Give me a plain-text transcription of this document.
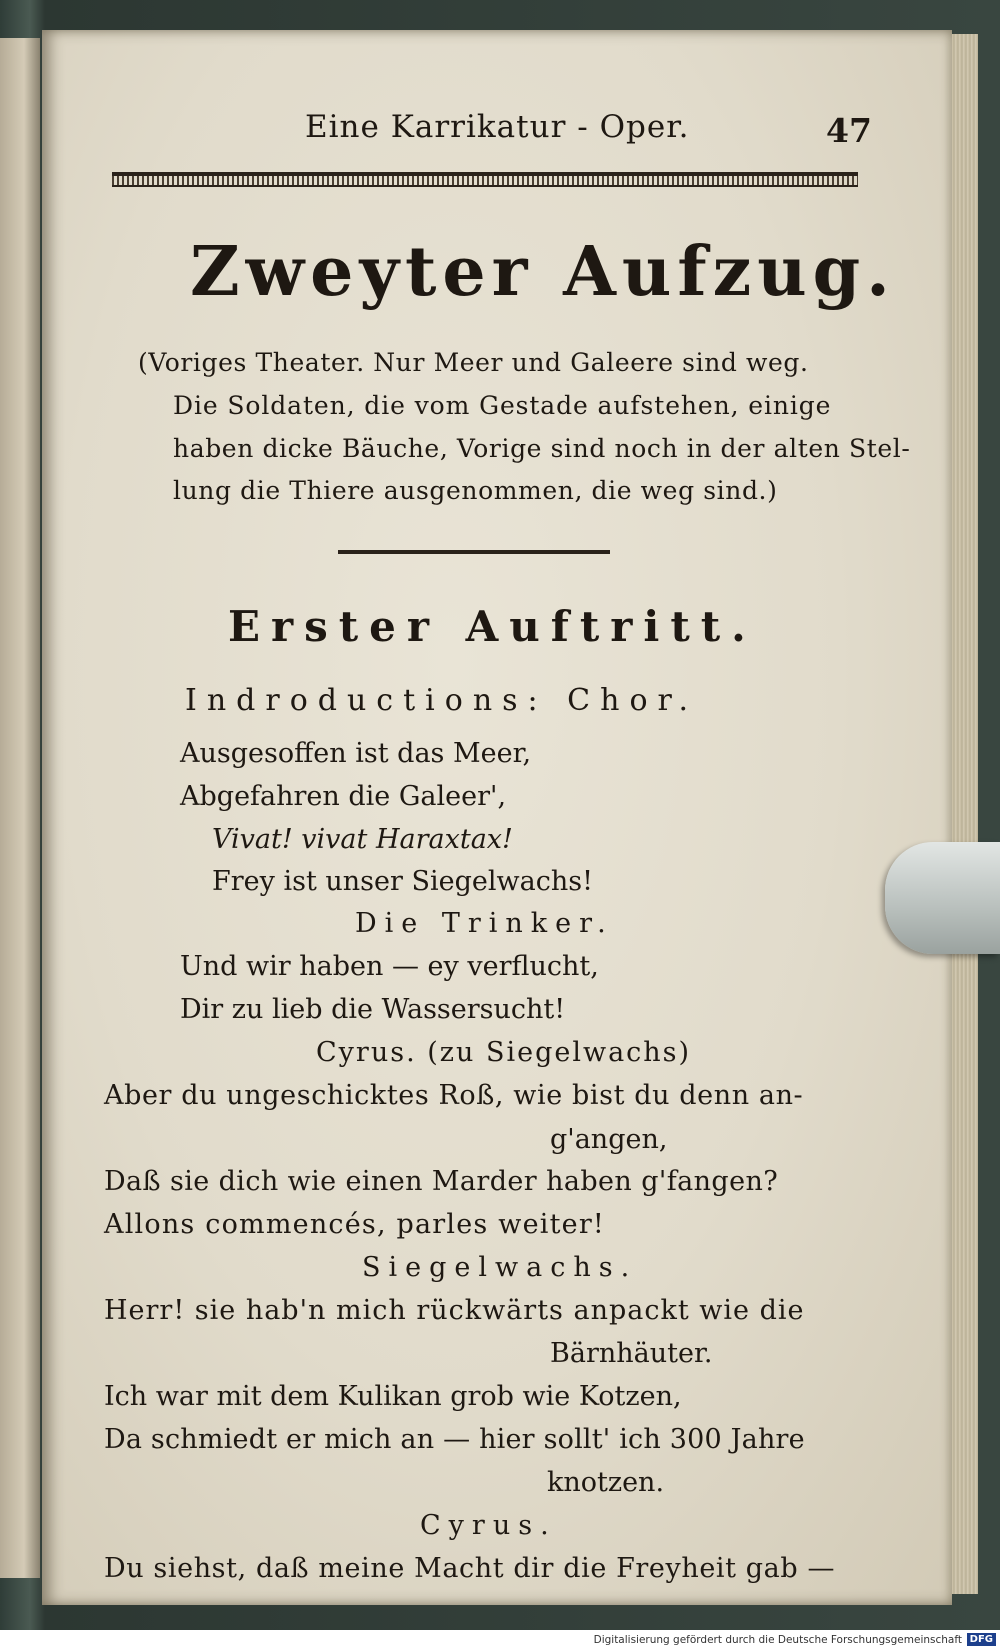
Eine Karrikatur - Oper.	47
Zweyter Aufzug.
(Voriges Theater. Nur Meer und Galeere sind weg.
Die Soldaten, die vom Gestade aufstehen, einige
haben dicke Bäuche, Vorige sind noch in der alten Stel-
lung die Thiere ausgenommen, die weg sind.)
Erster Auftritt.
Indroductions: Chor.
Ausgesoffen ist das Meer,
Abgefahren die Galeer',
Vivat! vivat Haraxtax!
Frey ist unser Siegelwachs!
Die Trinker.
Und wir haben — ey verflucht,
Dir zu lieb die Wassersucht!
Cyrus. (zu Siegelwachs)
Aber du ungeschicktes Roß, wie bist du denn an-
g'angen,
Daß sie dich wie einen Marder haben g'fangen?
Allons commencés, parles weiter!
Siegelwachs.
Herr! sie hab'n mich rückwärts anpackt wie die
Bärnhäuter.
Ich war mit dem Kulikan grob wie Kotzen,
Da schmiedt er mich an — hier sollt' ich 300 Jahre
knotzen.
Cyrus.
Du siehst, daß meine Macht dir die Freyheit gab —
Digitalisierung gefördert durch die Deutsche Forschungsgemeinschaft DFG
